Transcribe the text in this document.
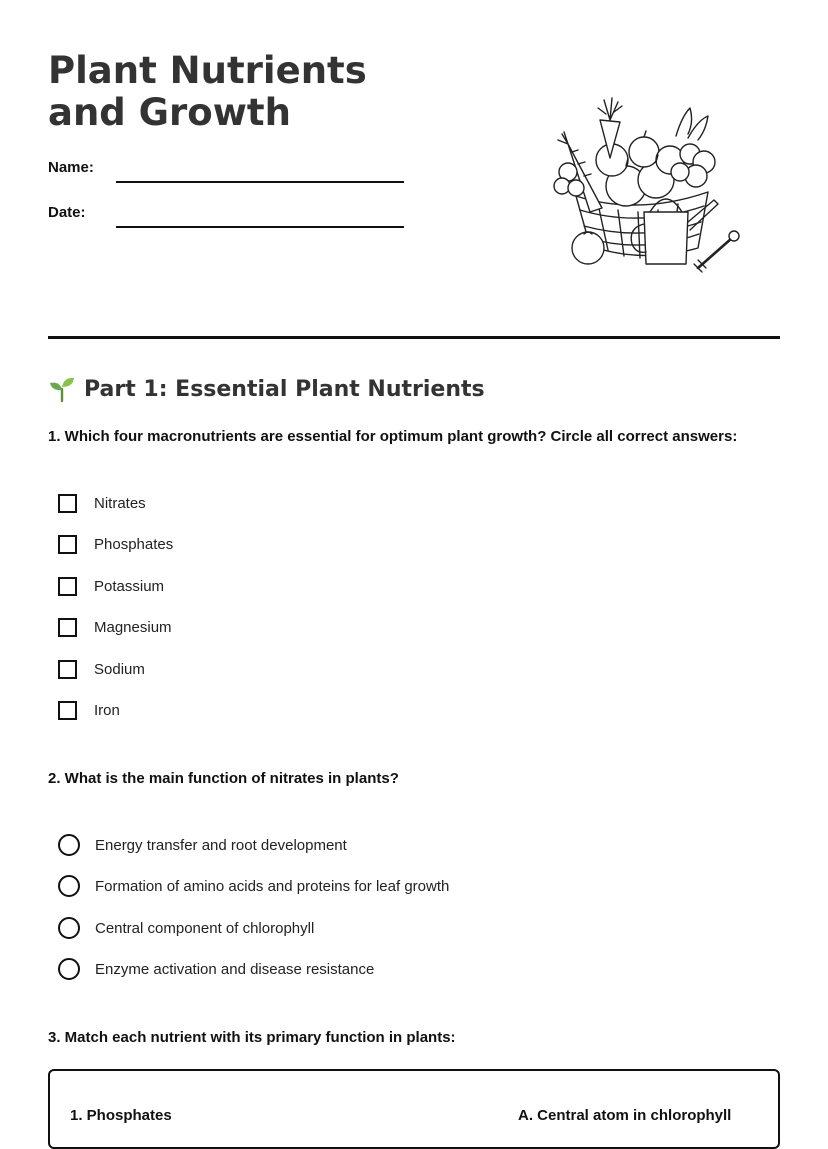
Plant Nutrients and Growth
Name:
Date:
Part 1: Essential Plant Nutrients
1. Which four macronutrients are essential for optimum plant growth? Circle all correct answers:
Nitrates
Phosphates
Potassium
Magnesium
Sodium
Iron
2. What is the main function of nitrates in plants?
Energy transfer and root development
Formation of amino acids and proteins for leaf growth
Central component of chlorophyll
Enzyme activation and disease resistance
3. Match each nutrient with its primary function in plants:
1. Phosphates	A. Central atom in chlorophyll
